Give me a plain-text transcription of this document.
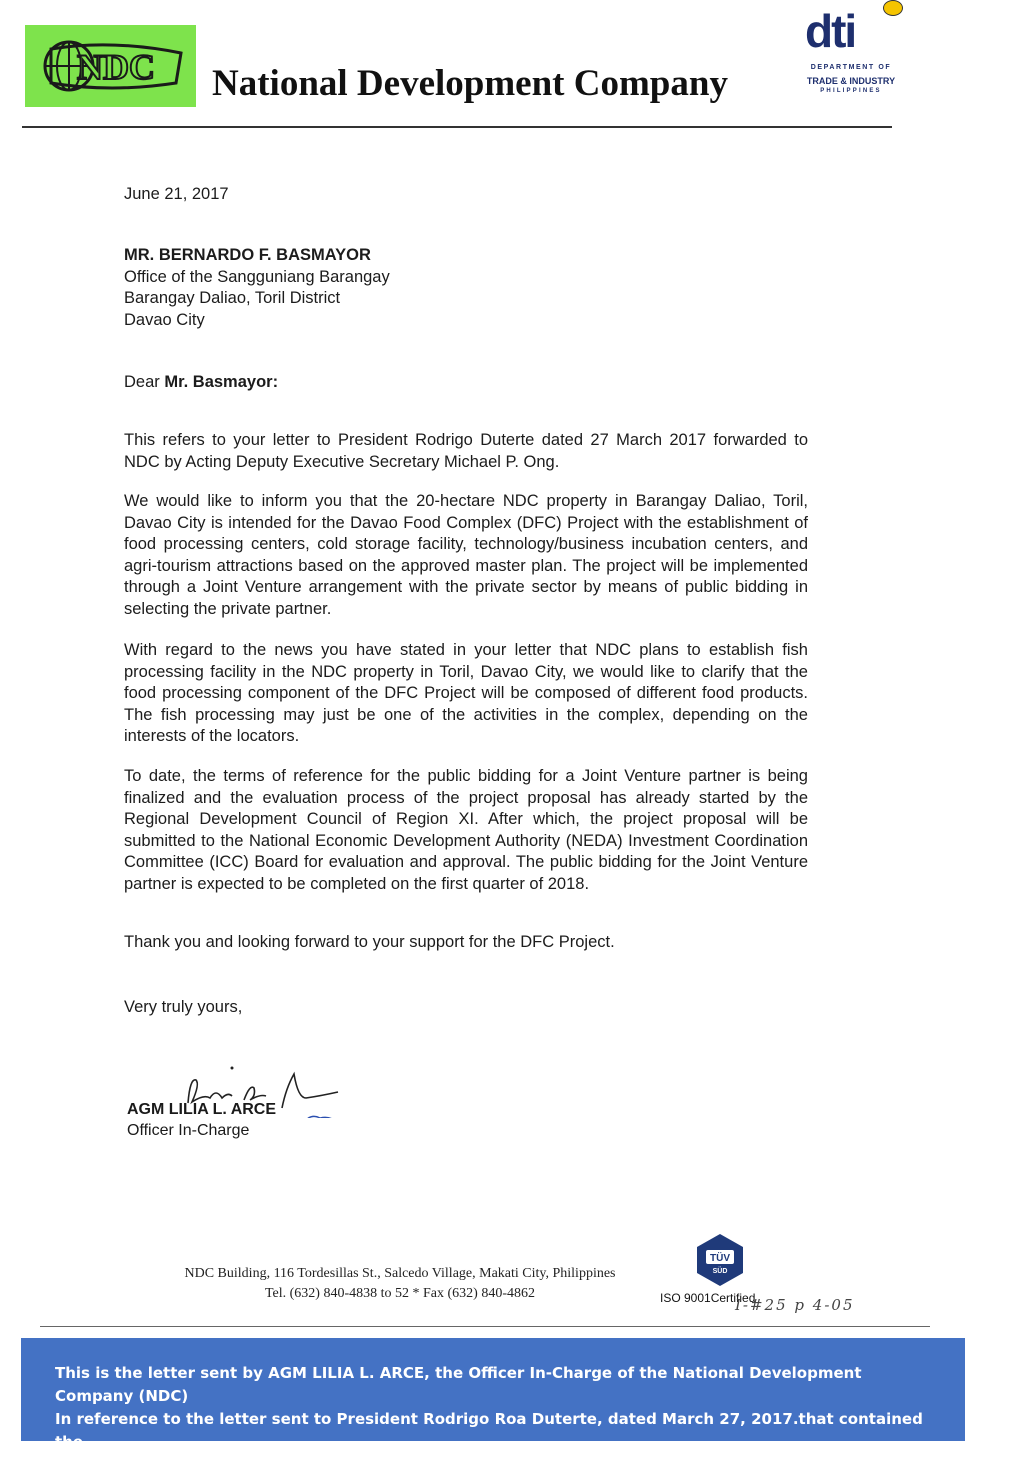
NDC National Development Company
dti
DEPARTMENT OF
TRADE & INDUSTRY
PHILIPPINES
June 21, 2017
MR. BERNARDO F. BASMAYOR
Office of the Sangguniang Barangay
Barangay Daliao, Toril District
Davao City
Dear Mr. Basmayor:
This refers to your letter to President Rodrigo Duterte dated 27 March 2017 forwarded to NDC by Acting Deputy Executive Secretary Michael P. Ong.
We would like to inform you that the 20-hectare NDC property in Barangay Daliao, Toril, Davao City is intended for the Davao Food Complex (DFC) Project with the establishment of food processing centers, cold storage facility, technology/business incubation centers, and agri-tourism attractions based on the approved master plan. The project will be implemented through a Joint Venture arrangement with the private sector by means of public bidding in selecting the private partner.
With regard to the news you have stated in your letter that NDC plans to establish fish processing facility in the NDC property in Toril, Davao City, we would like to clarify that the food processing component of the DFC Project will be composed of different food products. The fish processing may just be one of the activities in the complex, depending on the interests of the locators.
To date, the terms of reference for the public bidding for a Joint Venture partner is being finalized and the evaluation process of the project proposal has already started by the Regional Development Council of Region XI. After which, the project proposal will be submitted to the National Economic Development Authority (NEDA) Investment Coordination Committee (ICC) Board for evaluation and approval. The public bidding for the Joint Venture partner is expected to be completed on the first quarter of 2018.
Thank you and looking forward to your support for the DFC Project.
Very truly yours,
AGM LILIA L. ARCE
Officer In-Charge
NDC Building, 116 Tordesillas St., Salcedo Village, Makati City, Philippines
Tel. (632) 840-4838 to 52 * Fax (632) 840-4862
TÜV
SÜD
ISO 9001Certified
I-#25 p 4-05
This is the letter sent by AGM LILIA L. ARCE, the Officer In-Charge of the National Development Company (NDC)
In reference to the letter sent to President Rodrigo Roa Duterte, dated March 27, 2017.that contained the
